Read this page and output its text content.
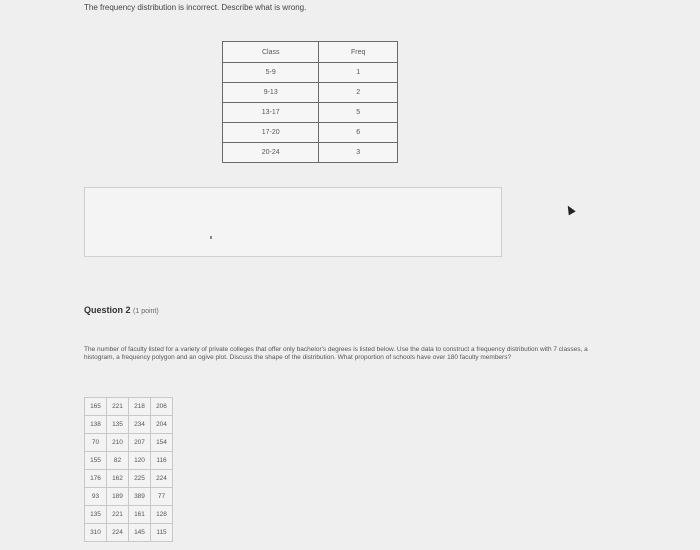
The frequency distribution is incorrect. Describe what is wrong.
Class	Freq
5-9	1
9-13	2
13-17	5
17-20	6
20-24	3
Question 2 (1 point)
The number of faculty listed for a variety of private colleges that offer only bachelor's degrees is listed below. Use the data to construct a frequency distribution with 7 classes, a histogram, a frequency polygon and an ogive plot. Discuss the shape of the distribution. What proportion of schools have over 180 faculty members?
165	221	218	206
138	135	234	204
70	210	207	154
155	82	120	116
176	162	225	224
93	189	389	77
135	221	161	128
310	224	145	115
